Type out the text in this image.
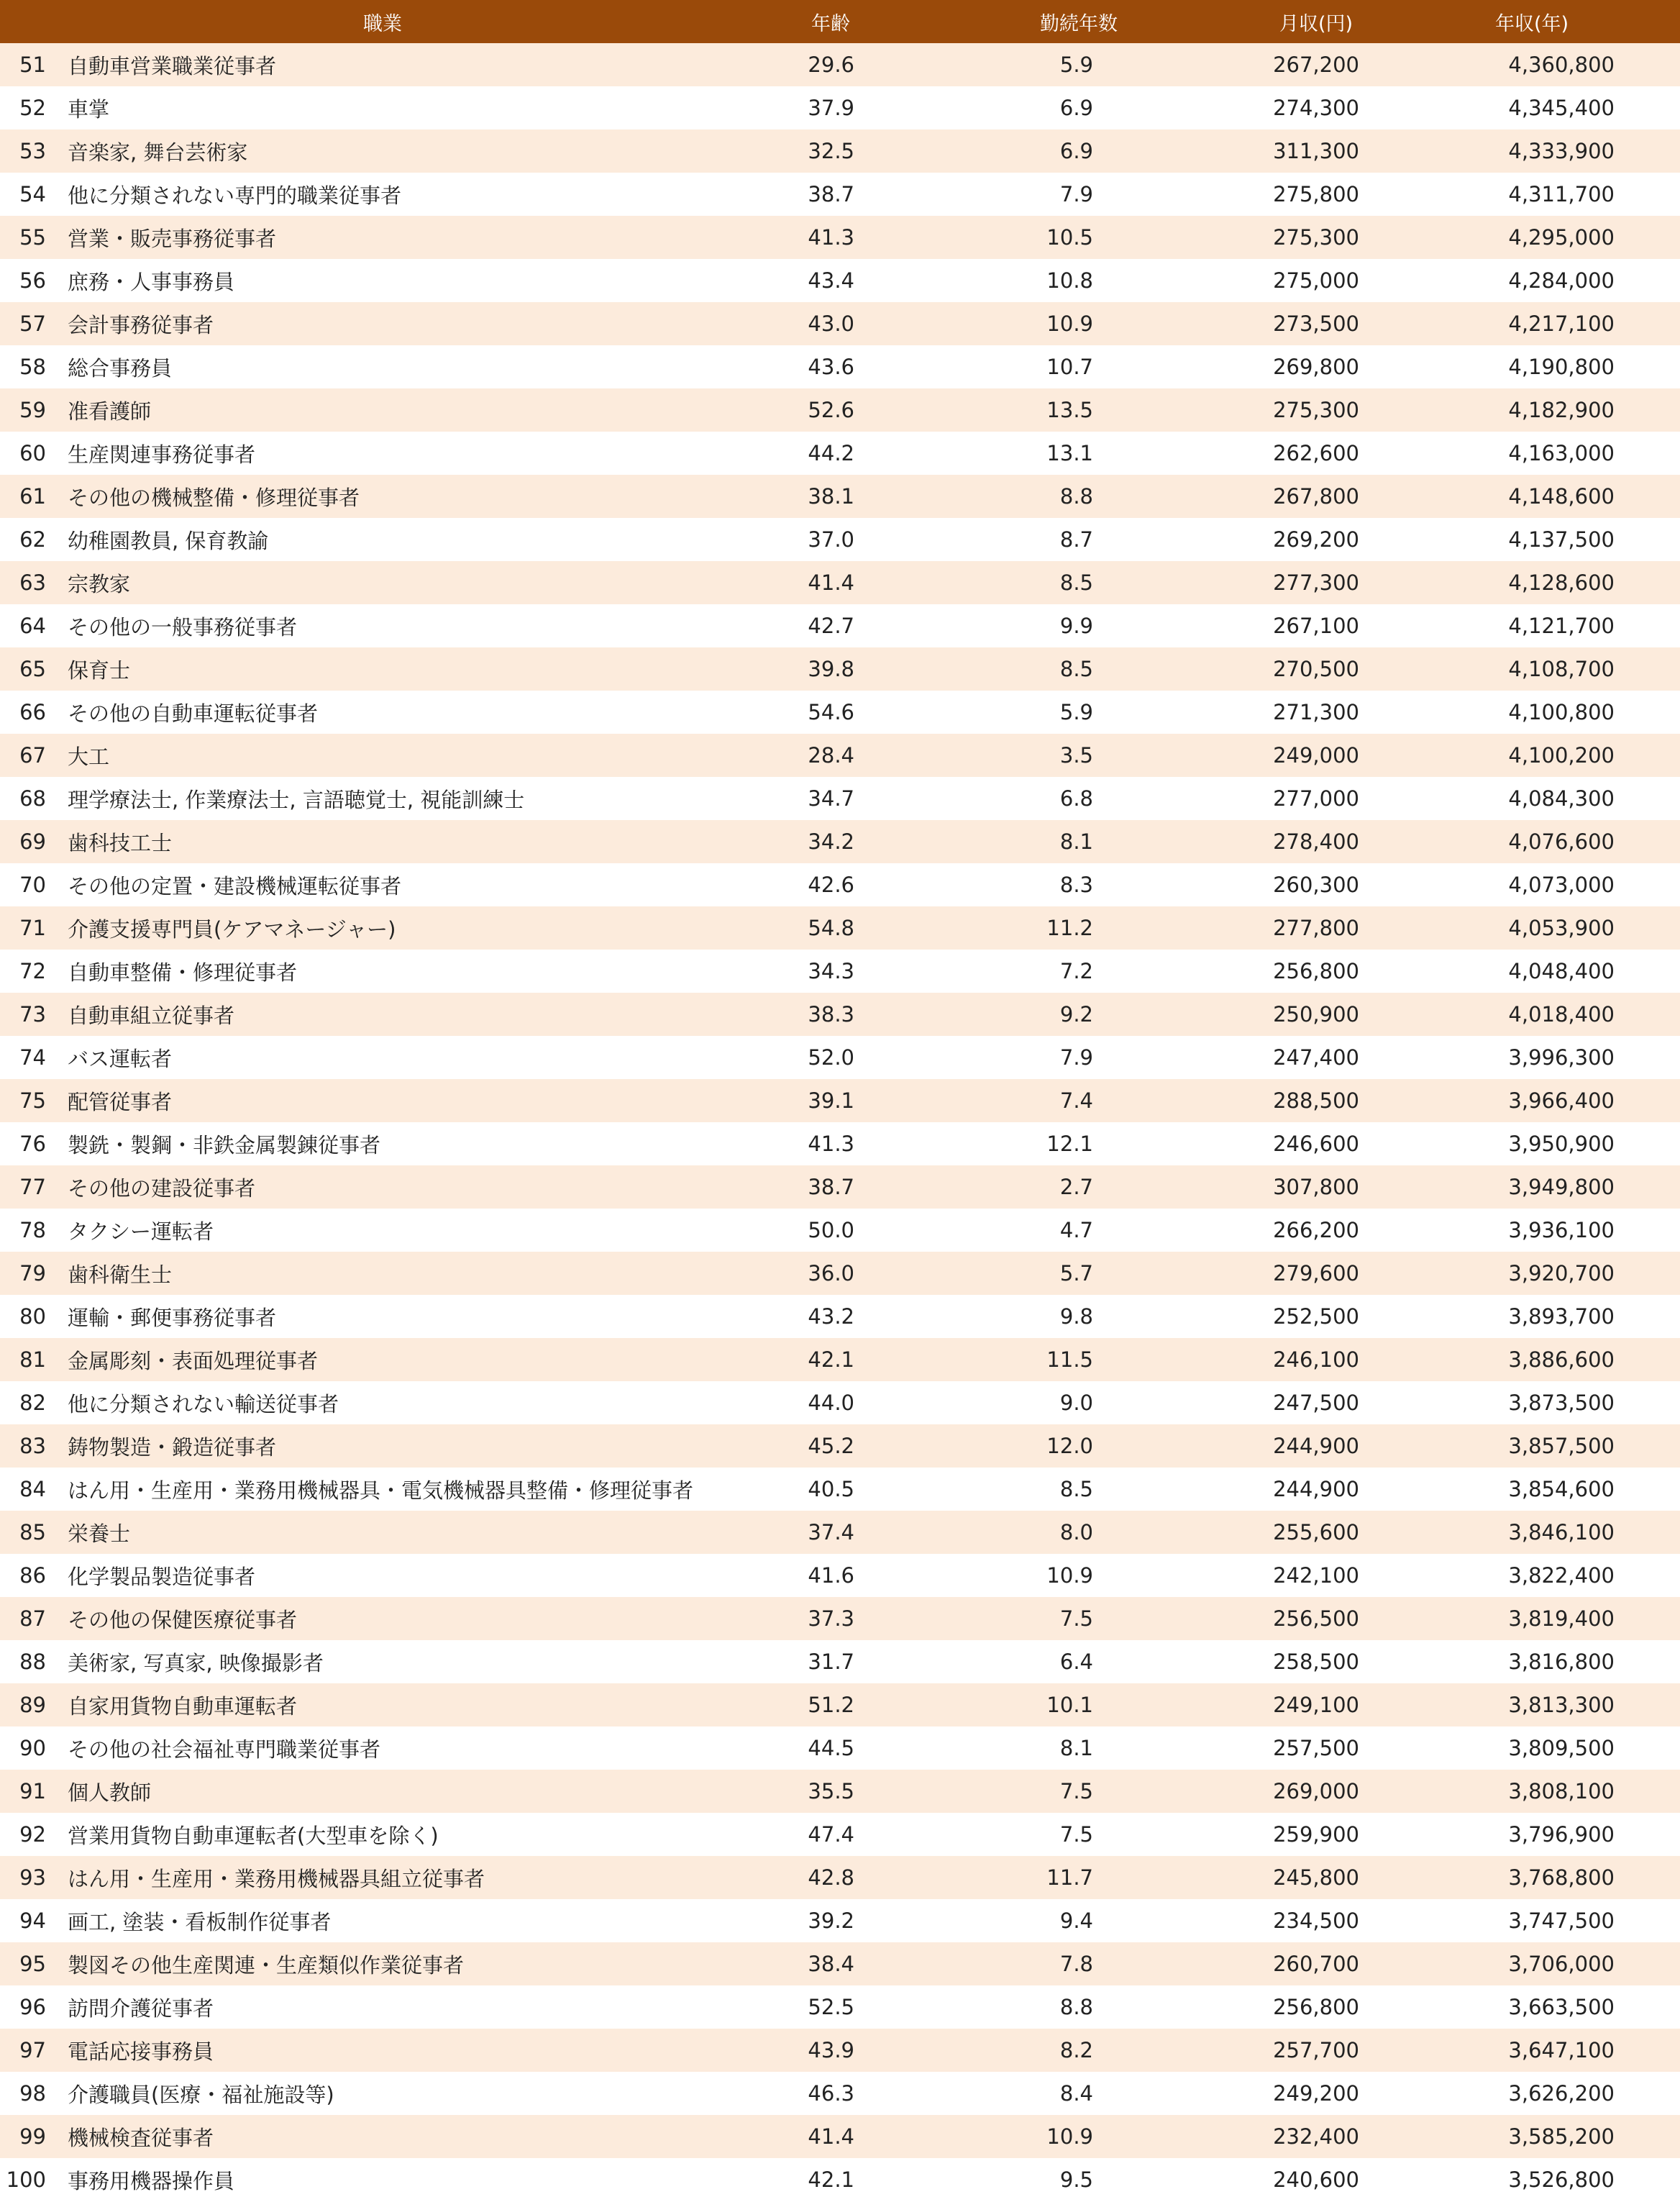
職業	年齢	勤続年数	月収(円)	年収(年)
51 自動車営業職業従事者	29.6	5.9	267,200	4,360,800
52 車掌	37.9	6.9	274,300	4,345,400
53 音楽家, 舞台芸術家	32.5	6.9	311,300	4,333,900
54 他に分類されない専門的職業従事者	38.7	7.9	275,800	4,311,700
55 営業・販売事務従事者	41.3	10.5	275,300	4,295,000
56 庶務・人事事務員	43.4	10.8	275,000	4,284,000
57 会計事務従事者	43.0	10.9	273,500	4,217,100
58 総合事務員	43.6	10.7	269,800	4,190,800
59 准看護師	52.6	13.5	275,300	4,182,900
60 生産関連事務従事者	44.2	13.1	262,600	4,163,000
61 その他の機械整備・修理従事者	38.1	8.8	267,800	4,148,600
62 幼稚園教員, 保育教諭	37.0	8.7	269,200	4,137,500
63 宗教家	41.4	8.5	277,300	4,128,600
64 その他の一般事務従事者	42.7	9.9	267,100	4,121,700
65 保育士	39.8	8.5	270,500	4,108,700
66 その他の自動車運転従事者	54.6	5.9	271,300	4,100,800
67 大工	28.4	3.5	249,000	4,100,200
68 理学療法士, 作業療法士, 言語聴覚士, 視能訓練士	34.7	6.8	277,000	4,084,300
69 歯科技工士	34.2	8.1	278,400	4,076,600
70 その他の定置・建設機械運転従事者	42.6	8.3	260,300	4,073,000
71 介護支援専門員(ケアマネージャー)	54.8	11.2	277,800	4,053,900
72 自動車整備・修理従事者	34.3	7.2	256,800	4,048,400
73 自動車組立従事者	38.3	9.2	250,900	4,018,400
74 バス運転者	52.0	7.9	247,400	3,996,300
75 配管従事者	39.1	7.4	288,500	3,966,400
76 製銑・製鋼・非鉄金属製錬従事者	41.3	12.1	246,600	3,950,900
77 その他の建設従事者	38.7	2.7	307,800	3,949,800
78 タクシー運転者	50.0	4.7	266,200	3,936,100
79 歯科衛生士	36.0	5.7	279,600	3,920,700
80 運輸・郵便事務従事者	43.2	9.8	252,500	3,893,700
81 金属彫刻・表面処理従事者	42.1	11.5	246,100	3,886,600
82 他に分類されない輸送従事者	44.0	9.0	247,500	3,873,500
83 鋳物製造・鍛造従事者	45.2	12.0	244,900	3,857,500
84 はん用・生産用・業務用機械器具・電気機械器具整備・修理従事者	40.5	8.5	244,900	3,854,600
85 栄養士	37.4	8.0	255,600	3,846,100
86 化学製品製造従事者	41.6	10.9	242,100	3,822,400
87 その他の保健医療従事者	37.3	7.5	256,500	3,819,400
88 美術家, 写真家, 映像撮影者	31.7	6.4	258,500	3,816,800
89 自家用貨物自動車運転者	51.2	10.1	249,100	3,813,300
90 その他の社会福祉専門職業従事者	44.5	8.1	257,500	3,809,500
91 個人教師	35.5	7.5	269,000	3,808,100
92 営業用貨物自動車運転者(大型車を除く)	47.4	7.5	259,900	3,796,900
93 はん用・生産用・業務用機械器具組立従事者	42.8	11.7	245,800	3,768,800
94 画工, 塗装・看板制作従事者	39.2	9.4	234,500	3,747,500
95 製図その他生産関連・生産類似作業従事者	38.4	7.8	260,700	3,706,000
96 訪問介護従事者	52.5	8.8	256,800	3,663,500
97 電話応接事務員	43.9	8.2	257,700	3,647,100
98 介護職員(医療・福祉施設等)	46.3	8.4	249,200	3,626,200
99 機械検査従事者	41.4	10.9	232,400	3,585,200
100 事務用機器操作員	42.1	9.5	240,600	3,526,800
